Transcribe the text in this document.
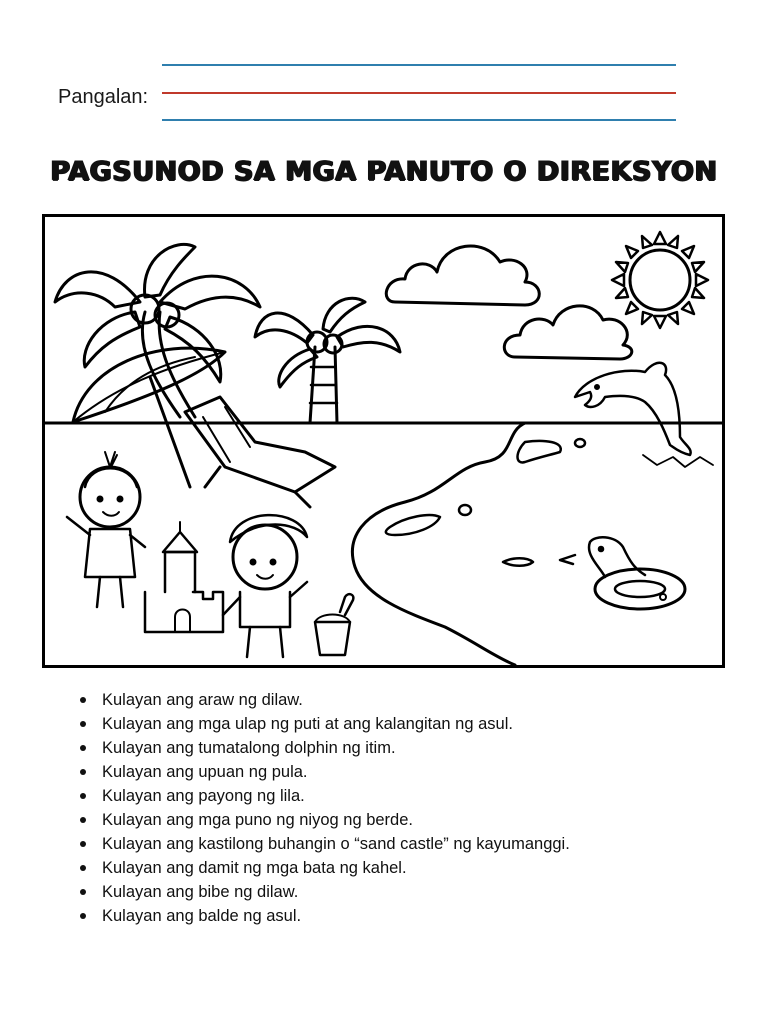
Pangalan:
PAGSUNOD SA MGA PANUTO O DIREKSYON
Kulayan ang araw ng dilaw.
Kulayan ang mga ulap ng puti at ang kalangitan ng asul.
Kulayan ang tumatalong dolphin ng itim.
Kulayan ang upuan ng pula.
Kulayan ang payong ng lila.
Kulayan ang mga puno ng niyog ng berde.
Kulayan ang kastilong buhangin o “sand castle” ng kayumanggi.
Kulayan ang damit ng mga bata ng kahel.
Kulayan ang bibe ng dilaw.
Kulayan ang balde ng asul.
